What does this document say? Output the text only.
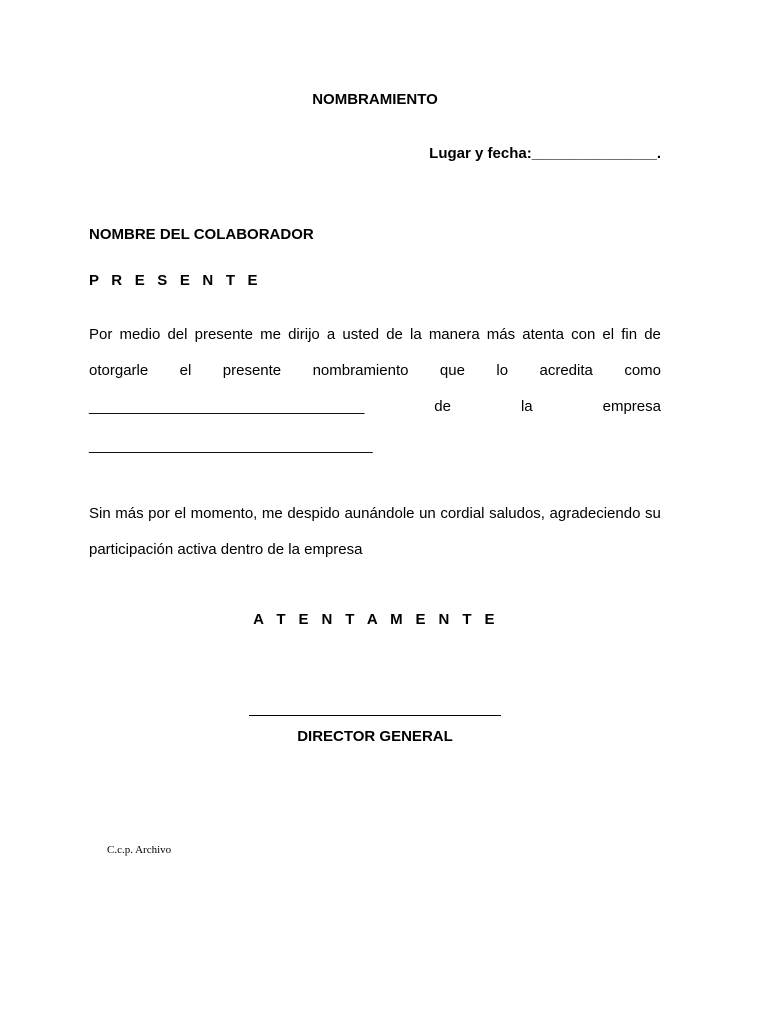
NOMBRAMIENTO
Lugar y fecha:_______________.
NOMBRE DEL COLABORADOR
P R E S E N T E
Por medio del presente me dirijo a usted de la manera más atenta con el fin de
otorgarle el presente nombramiento que lo acredita como
_________________________________	de	la	empresa
__________________________________
Sin más por el momento, me despido aunándole un cordial saludos, agradeciendo su
participación activa dentro de la empresa
A T E N T A M E N T E
DIRECTOR GENERAL
C.c.p. Archivo
